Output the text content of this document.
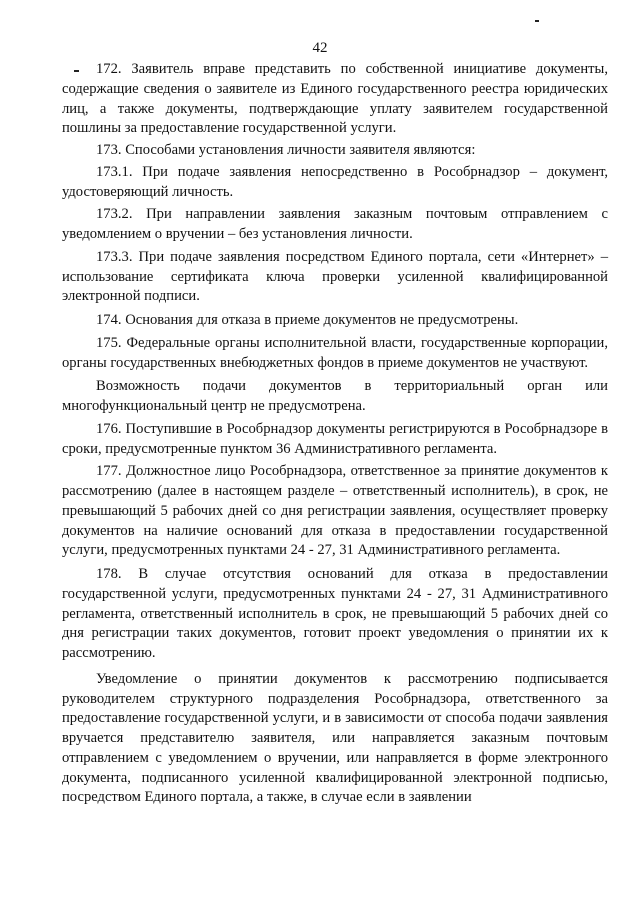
42

172. Заявитель вправе представить по собственной инициативе документы, содержащие сведения о заявителе из Единого государственного реестра юридических лиц, а также документы, подтверждающие уплату заявителем государственной пошлины за предоставление государственной услуги.

173. Способами установления личности заявителя являются:

173.1. При подаче заявления непосредственно в Рособрнадзор – документ, удостоверяющий личность.

173.2. При направлении заявления заказным почтовым отправлением с уведомлением о вручении – без установления личности.

173.3. При подаче заявления посредством Единого портала, сети «Интернет» – использование сертификата ключа проверки усиленной квалифицированной электронной подписи.

174. Основания для отказа в приеме документов не предусмотрены.

175. Федеральные органы исполнительной власти, государственные корпорации, органы государственных внебюджетных фондов в приеме документов не участвуют.

Возможность подачи документов в территориальный орган или многофункциональный центр не предусмотрена.

176. Поступившие в Рособрнадзор документы регистрируются в Рособрнадзоре в сроки, предусмотренные пунктом 36 Административного регламента.

177. Должностное лицо Рособрнадзора, ответственное за принятие документов к рассмотрению (далее в настоящем разделе – ответственный исполнитель), в срок, не превышающий 5 рабочих дней со дня регистрации заявления, осуществляет проверку документов на наличие оснований для отказа в предоставлении государственной услуги, предусмотренных пунктами 24 - 27, 31 Административного регламента.

178. В случае отсутствия оснований для отказа в предоставлении государственной услуги, предусмотренных пунктами 24 - 27, 31 Административного регламента, ответственный исполнитель в срок, не превышающий 5 рабочих дней со дня регистрации таких документов, готовит проект уведомления о принятии их к рассмотрению.

Уведомление о принятии документов к рассмотрению подписывается руководителем структурного подразделения Рособрнадзора, ответственного за предоставление государственной услуги, и в зависимости от способа подачи заявления вручается представителю заявителя, или направляется заказным почтовым отправлением с уведомлением о вручении, или направляется в форме электронного документа, подписанного усиленной квалифицированной электронной подписью, посредством Единого портала, а также, в случае если в заявлении
